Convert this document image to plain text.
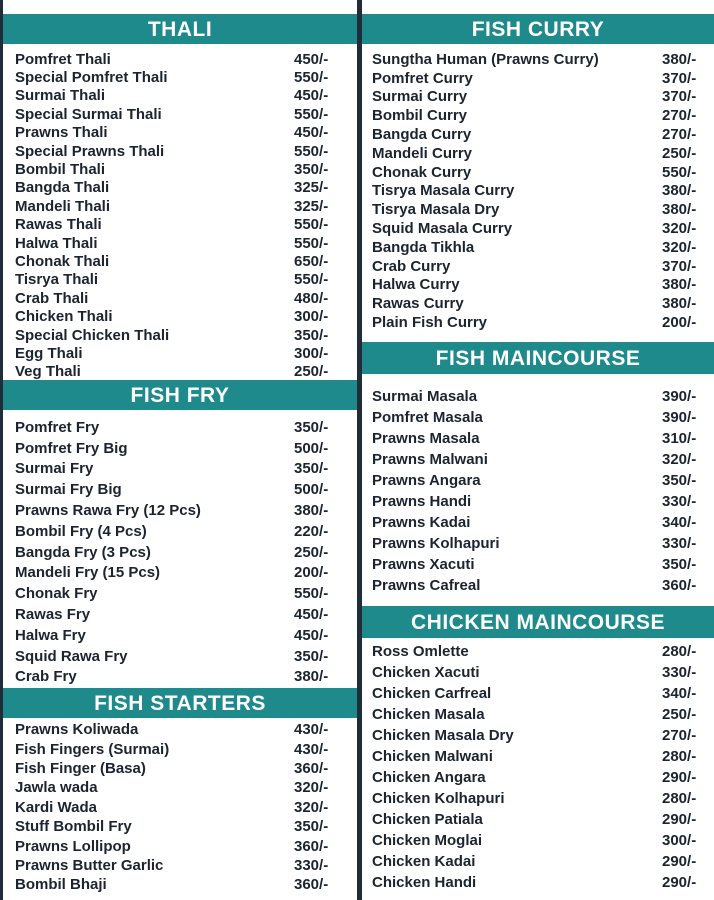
THALI
Pomfret Thali	450/-
Special Pomfret Thali	550/-
Surmai Thali	450/-
Special Surmai Thali	550/-
Prawns Thali	450/-
Special Prawns Thali	550/-
Bombil Thali	350/-
Bangda Thali	325/-
Mandeli Thali	325/-
Rawas Thali	550/-
Halwa Thali	550/-
Chonak Thali	650/-
Tisrya Thali	550/-
Crab Thali	480/-
Chicken Thali	300/-
Special Chicken Thali	350/-
Egg Thali	300/-
Veg Thali	250/-
FISH FRY
Pomfret Fry	350/-
Pomfret Fry Big	500/-
Surmai Fry	350/-
Surmai Fry Big	500/-
Prawns Rawa Fry (12 Pcs)	380/-
Bombil Fry (4 Pcs)	220/-
Bangda Fry (3 Pcs)	250/-
Mandeli Fry (15 Pcs)	200/-
Chonak Fry	550/-
Rawas Fry	450/-
Halwa Fry	450/-
Squid Rawa Fry	350/-
Crab Fry	380/-
FISH STARTERS
Prawns Koliwada	430/-
Fish Fingers (Surmai)	430/-
Fish Finger (Basa)	360/-
Jawla wada	320/-
Kardi Wada	320/-
Stuff Bombil Fry	350/-
Prawns Lollipop	360/-
Prawns Butter Garlic	330/-
Bombil Bhaji	360/-
FISH CURRY
Sungtha Human (Prawns Curry)	380/-
Pomfret Curry	370/-
Surmai Curry	370/-
Bombil Curry	270/-
Bangda Curry	270/-
Mandeli Curry	250/-
Chonak Curry	550/-
Tisrya Masala Curry	380/-
Tisrya Masala Dry	380/-
Squid Masala Curry	320/-
Bangda Tikhla	320/-
Crab Curry	370/-
Halwa Curry	380/-
Rawas Curry	380/-
Plain Fish Curry	200/-
FISH MAINCOURSE
Surmai Masala	390/-
Pomfret Masala	390/-
Prawns Masala	310/-
Prawns Malwani	320/-
Prawns Angara	350/-
Prawns Handi	330/-
Prawns Kadai	340/-
Prawns Kolhapuri	330/-
Prawns Xacuti	350/-
Prawns Cafreal	360/-
CHICKEN MAINCOURSE
Ross Omlette	280/-
Chicken Xacuti	330/-
Chicken Carfreal	340/-
Chicken Masala	250/-
Chicken Masala Dry	270/-
Chicken Malwani	280/-
Chicken Angara	290/-
Chicken Kolhapuri	280/-
Chicken Patiala	290/-
Chicken Moglai	300/-
Chicken Kadai	290/-
Chicken Handi	290/-
